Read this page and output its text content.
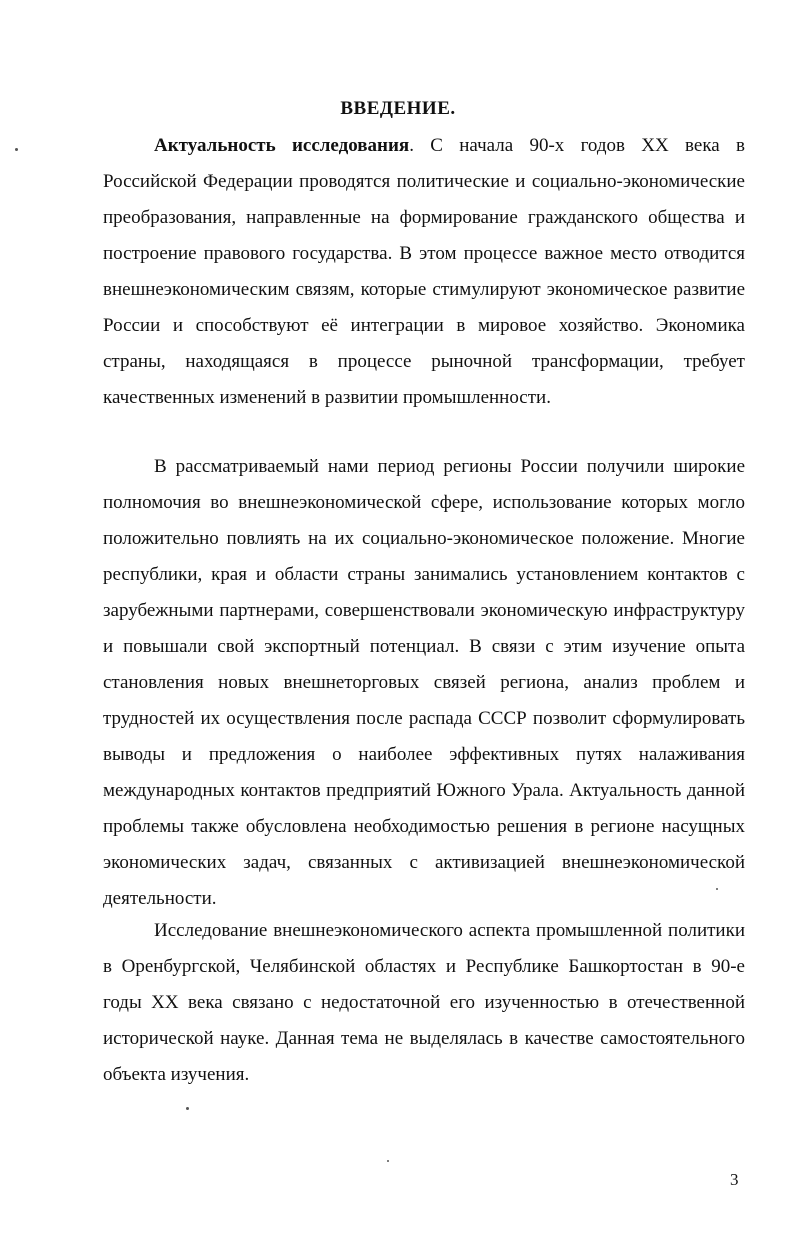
ВВЕДЕНИЕ.

Актуальность исследования. С начала 90-х годов XX века в Российской Федерации проводятся политические и социально-экономические преобразования, направленные на формирование гражданского общества и построение правового государства. В этом процессе важное место отводится внешнеэкономическим связям, которые стимулируют экономическое развитие России и способствуют её интеграции в мировое хозяйство. Экономика страны, находящаяся в процессе рыночной трансформации, требует качественных изменений в развитии промышленности.

В рассматриваемый нами период регионы России получили широкие полномочия во внешнеэкономической сфере, использование которых могло положительно повлиять на их социально-экономическое положение. Многие республики, края и области страны занимались установлением контактов с зарубежными партнерами, совершенствовали экономическую инфраструктуру и повышали свой экспортный потенциал. В связи с этим изучение опыта становления новых внешнеторговых связей региона, анализ проблем и трудностей их осуществления после распада СССР позволит сформулировать выводы и предложения о наиболее эффективных путях налаживания международных контактов предприятий Южного Урала. Актуальность данной проблемы также обусловлена необходимостью решения в регионе насущных экономических задач, связанных с активизацией внешнеэкономической деятельности.

Исследование внешнеэкономического аспекта промышленной политики в Оренбургской, Челябинской областях и Республике Башкортостан в 90-е годы XX века связано с недостаточной его изученностью в отечественной исторической науке. Данная тема не выделялась в качестве самостоятельного объекта изучения.

3
